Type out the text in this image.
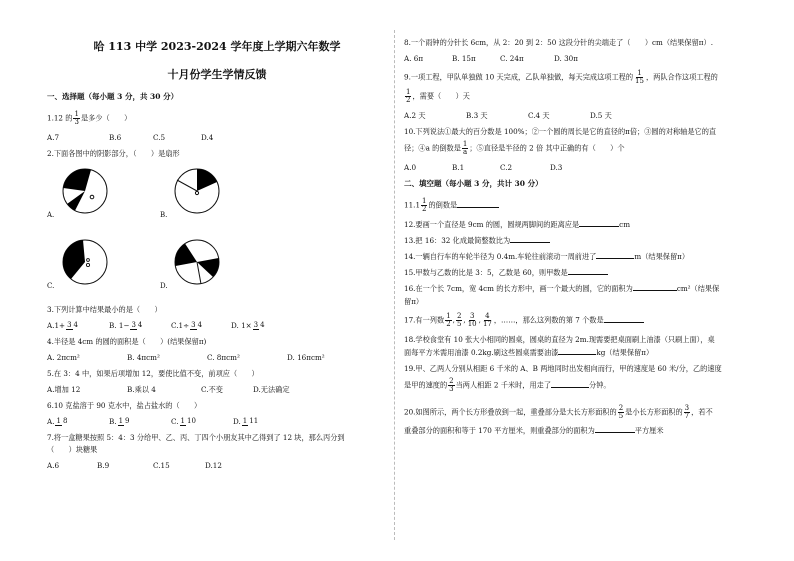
哈 113 中学 2023-2024 学年度上学期六年数学

十月份学生学情反馈

一、选择题（每小题 3 分，共 30 分）

1.12 的 $\frac{1}{3}$ 是多少（　　）

A.7	B.6	C.5	D.4

2.下面各图中的阴影部分，（　　）是扇形

A.	B.
C.	D.

3.下列计算中结果最小的是（　　）

A.1+ 3 4	B. 1− 3 4	C.1÷ 3 4	D. 1× 3 4

4.半径是 4cm 的圆的面积是（　　）(结果保留π)

A. 2πcm²	B. 4πcm²	C. 8πcm²	D. 16πcm²

5.在 3：4 中，如果后项增加 12，要使比值不变，前项应（　　）

A.增加 12	B.乘以 4	C.不变	D.无法确定

6.10 克盐溶于 90 克水中，盐占盐水的（　　）

A. 1 8	B. 1 9	C. 1 10	D. 1 11

7.将一盒糖果按照 5：4：3 分给甲、乙、丙、丁四个小朋友其中乙得到了 12 块，那么丙分到

（　　）块糖果

A.6	B.9	C.15	D.12

8.一个雨钟的分针长 6cm，从 2：20 到 2：50 这段分针的尖端走了（　　）cm（结果保留π）.

A. 6π	B. 15π	C. 24π	D. 30π

9.一项工程，甲队单独做 10 天完成，乙队单独做，每天完成这项工程的 $\frac{1}{15}$ ，两队合作这项工程的

$\frac{1}{2}$ ，需要（　　）天

A.2 天	B.3 天	C.4 天	D.5 天

10.下列说法①最大的百分数是 100%；②一个圆的周长是它的直径的π倍；③圆的对称轴是它的直

径；④a 的倒数是 $\frac{1}{a}$ ；⑤直径是半径的 2 倍 其中正确的有（　　）个

A.0	B.1	C.2	D.3

二、填空题（每小题 3 分，共计 30 分）

$11.1 \frac{1}{2}$ 的倒数是

12.要画一个直径是 9cm 的圆，圆规两脚间的距离应是	cm

13.把 16：32 化成最简整数比为

14.一辆自行车的车轮半径为 0.4m.车轮往前滚动一周前进了	m（结果保留π）

15.甲数与乙数的比是 3：5，乙数是 60，则甲数是

16.在一个长 7cm，宽 4cm 的长方形中，画一个最大的圆，它的面积为	cm²（结果保

留π）

17.有一列数 $\frac{1}{2}$ , $\frac{2}{5}$ , $\frac{3}{10}$ , $\frac{4}{17}$ ，……，那么这列数的第 7 个数是

18.学校食堂有 10 张大小相同的圆桌，圆桌的直径为 2m.现需要把桌面刷上油漆（只刷上面），桌

面每平方米需用油漆 0.2kg.刷这些圆桌需要油漆	kg（结果保留π）

19.甲、乙两人分别从相距 6 千米的 A、B 两地同时出发相向而行，甲的速度是 60 米/分，乙的速度

是甲的速度的 $\frac{2}{3}$ 当两人相距 2 千米时，用走了	分钟。

20.如图所示，两个长方形叠放到一起，重叠部分是大长方形面积的 $\frac{2}{5}$ 是小长方形面积的 $\frac{3}{7}$ ，若不

重叠部分的面积和等于 170 平方厘米，则重叠部分的面积为	平方厘米
